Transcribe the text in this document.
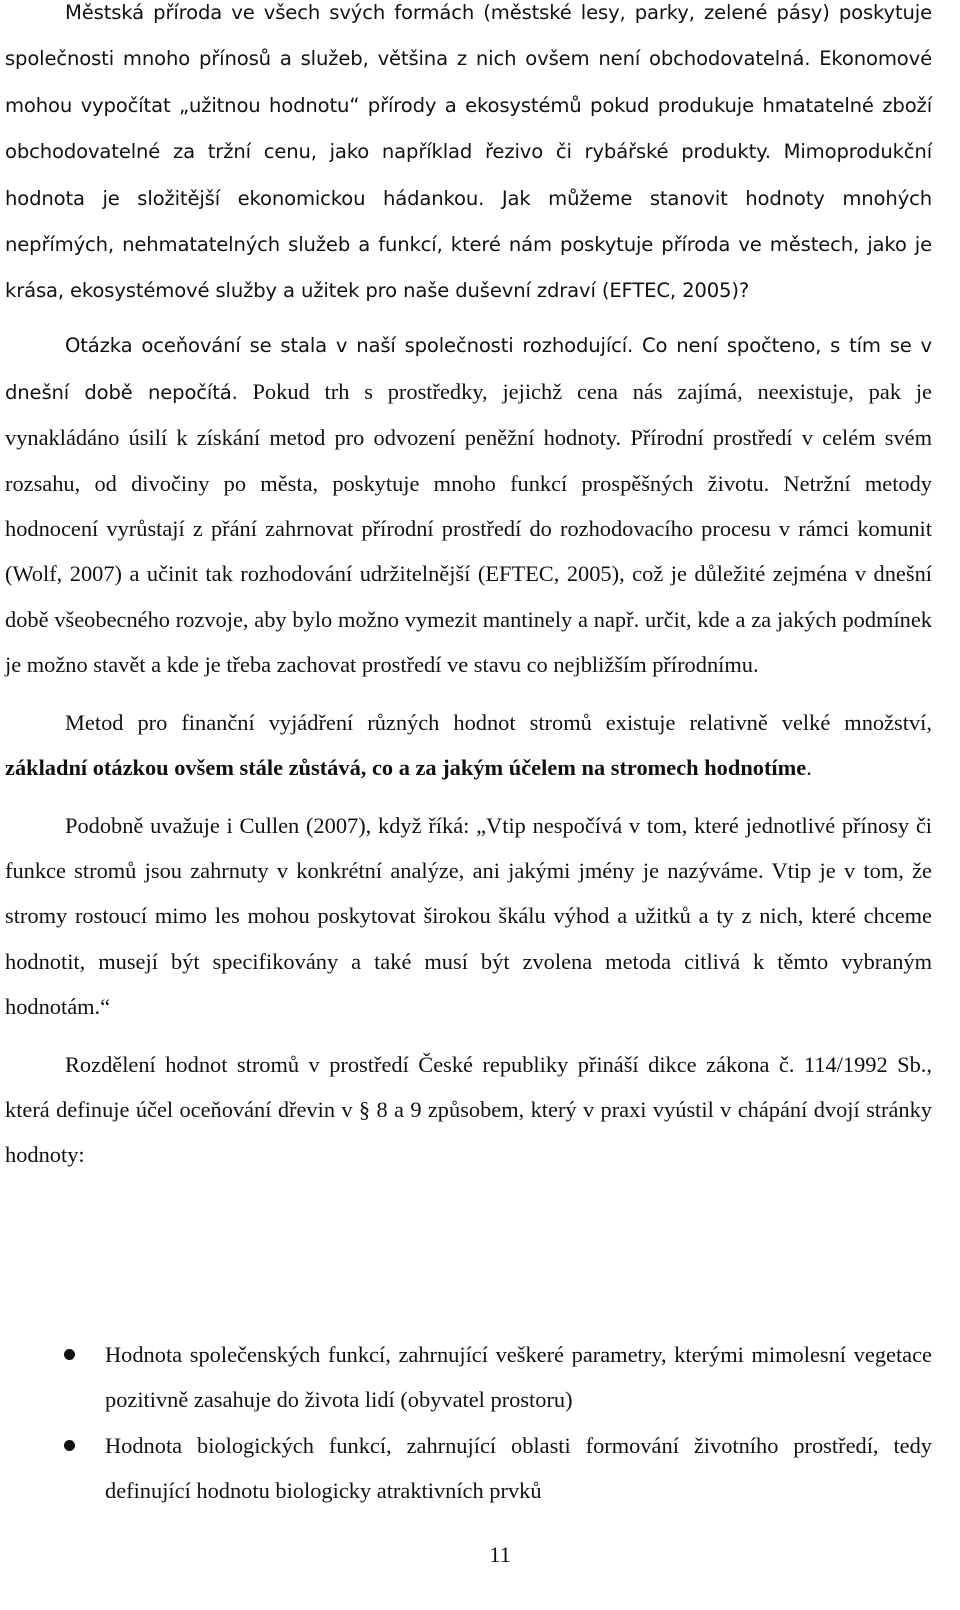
Městská příroda ve všech svých formách (městské lesy, parky, zelené pásy) poskytuje společnosti mnoho přínosů a služeb, většina z nich ovšem není obchodovatelná. Ekonomové mohou vypočítat „užitnou hodnotu“ přírody a ekosystémů pokud produkuje hmatatelné zboží obchodovatelné za tržní cenu, jako například řezivo či rybářské produkty. Mimoprodukční hodnota je složitější ekonomickou hádankou. Jak můžeme stanovit hodnoty mnohých nepřímých, nehmatatelných služeb a funkcí, které nám poskytuje příroda ve městech, jako je krása, ekosystémové služby a užitek pro naše duševní zdraví (EFTEC, 2005)?

Otázka oceňování se stala v naší společnosti rozhodující. Co není spočteno, s tím se v dnešní době nepočítá. Pokud trh s prostředky, jejichž cena nás zajímá, neexistuje, pak je vynakládáno úsilí k získání metod pro odvození peněžní hodnoty. Přírodní prostředí v celém svém rozsahu, od divočiny po města, poskytuje mnoho funkcí prospěšných životu. Netržní metody hodnocení vyrůstají z přání zahrnovat přírodní prostředí do rozhodovacího procesu v rámci komunit (Wolf, 2007) a učinit tak rozhodování udržitelnější (EFTEC, 2005), což je důležité zejména v dnešní době všeobecného rozvoje, aby bylo možno vymezit mantinely a např. určit, kde a za jakých podmínek je možno stavět a kde je třeba zachovat prostředí ve stavu co nejbližším přírodnímu.

Metod pro finanční vyjádření různých hodnot stromů existuje relativně velké množství, základní otázkou ovšem stále zůstává, co a za jakým účelem na stromech hodnotíme.

Podobně uvažuje i Cullen (2007), když říká: „Vtip nespočívá v tom, které jednotlivé přínosy či funkce stromů jsou zahrnuty v konkrétní analýze, ani jakými jmény je nazýváme. Vtip je v tom, že stromy rostoucí mimo les mohou poskytovat širokou škálu výhod a užitků a ty z nich, které chceme hodnotit, musejí být specifikovány a také musí být zvolena metoda citlivá k těmto vybraným hodnotám.“

Rozdělení hodnot stromů v prostředí České republiky přináší dikce zákona č. 114/1992 Sb., která definuje účel oceňování dřevin v § 8 a 9 způsobem, který v praxi vyústil v chápání dvojí stránky hodnoty:

Hodnota společenských funkcí, zahrnující veškeré parametry, kterými mimolesní vegetace pozitivně zasahuje do života lidí (obyvatel prostoru)
Hodnota biologických funkcí, zahrnující oblasti formování životního prostředí, tedy definující hodnotu biologicky atraktivních prvků
11
